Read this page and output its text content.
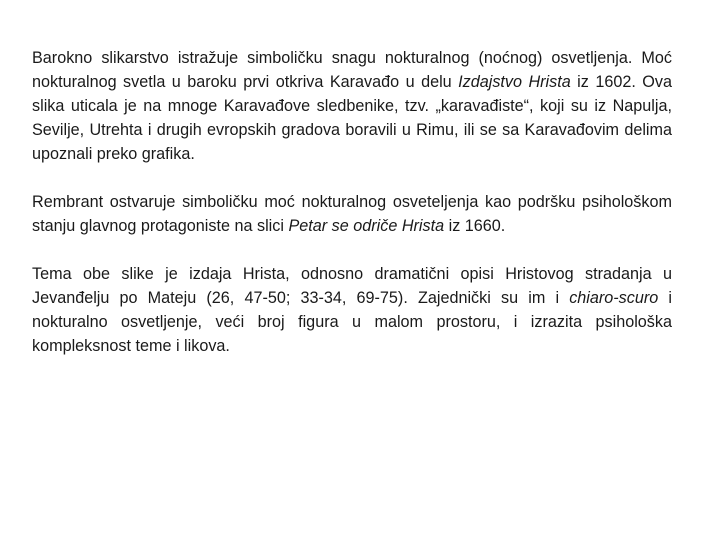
Barokno slikarstvo istražuje simboličku snagu nokturalnog (noćnog) osvetljenja. Moć nokturalnog svetla u baroku prvi otkriva Karavađo u delu Izdajstvo Hrista iz 1602. Ova slika uticala je na mnoge Karavađove sledbenike, tzv. „karavađiste“, koji su iz Napulja, Sevilje, Utrehta i drugih evropskih gradova boravili u Rimu, ili se sa Karavađovim delima upoznali preko grafika.

Rembrant ostvaruje simboličku moć nokturalnog osveteljenja kao podršku psihološkom stanju glavnog protagoniste na slici Petar se odriče Hrista iz 1660.

Tema obe slike je izdaja Hrista, odnosno dramatični opisi Hristovog stradanja u Jevanđelju po Mateju (26, 47-50; 33-34, 69-75). Zajednički su im i chiaro-scuro i nokturalno osvetljenje, veći broj figura u malom prostoru, i izrazita psihološka kompleksnost teme i likova.
